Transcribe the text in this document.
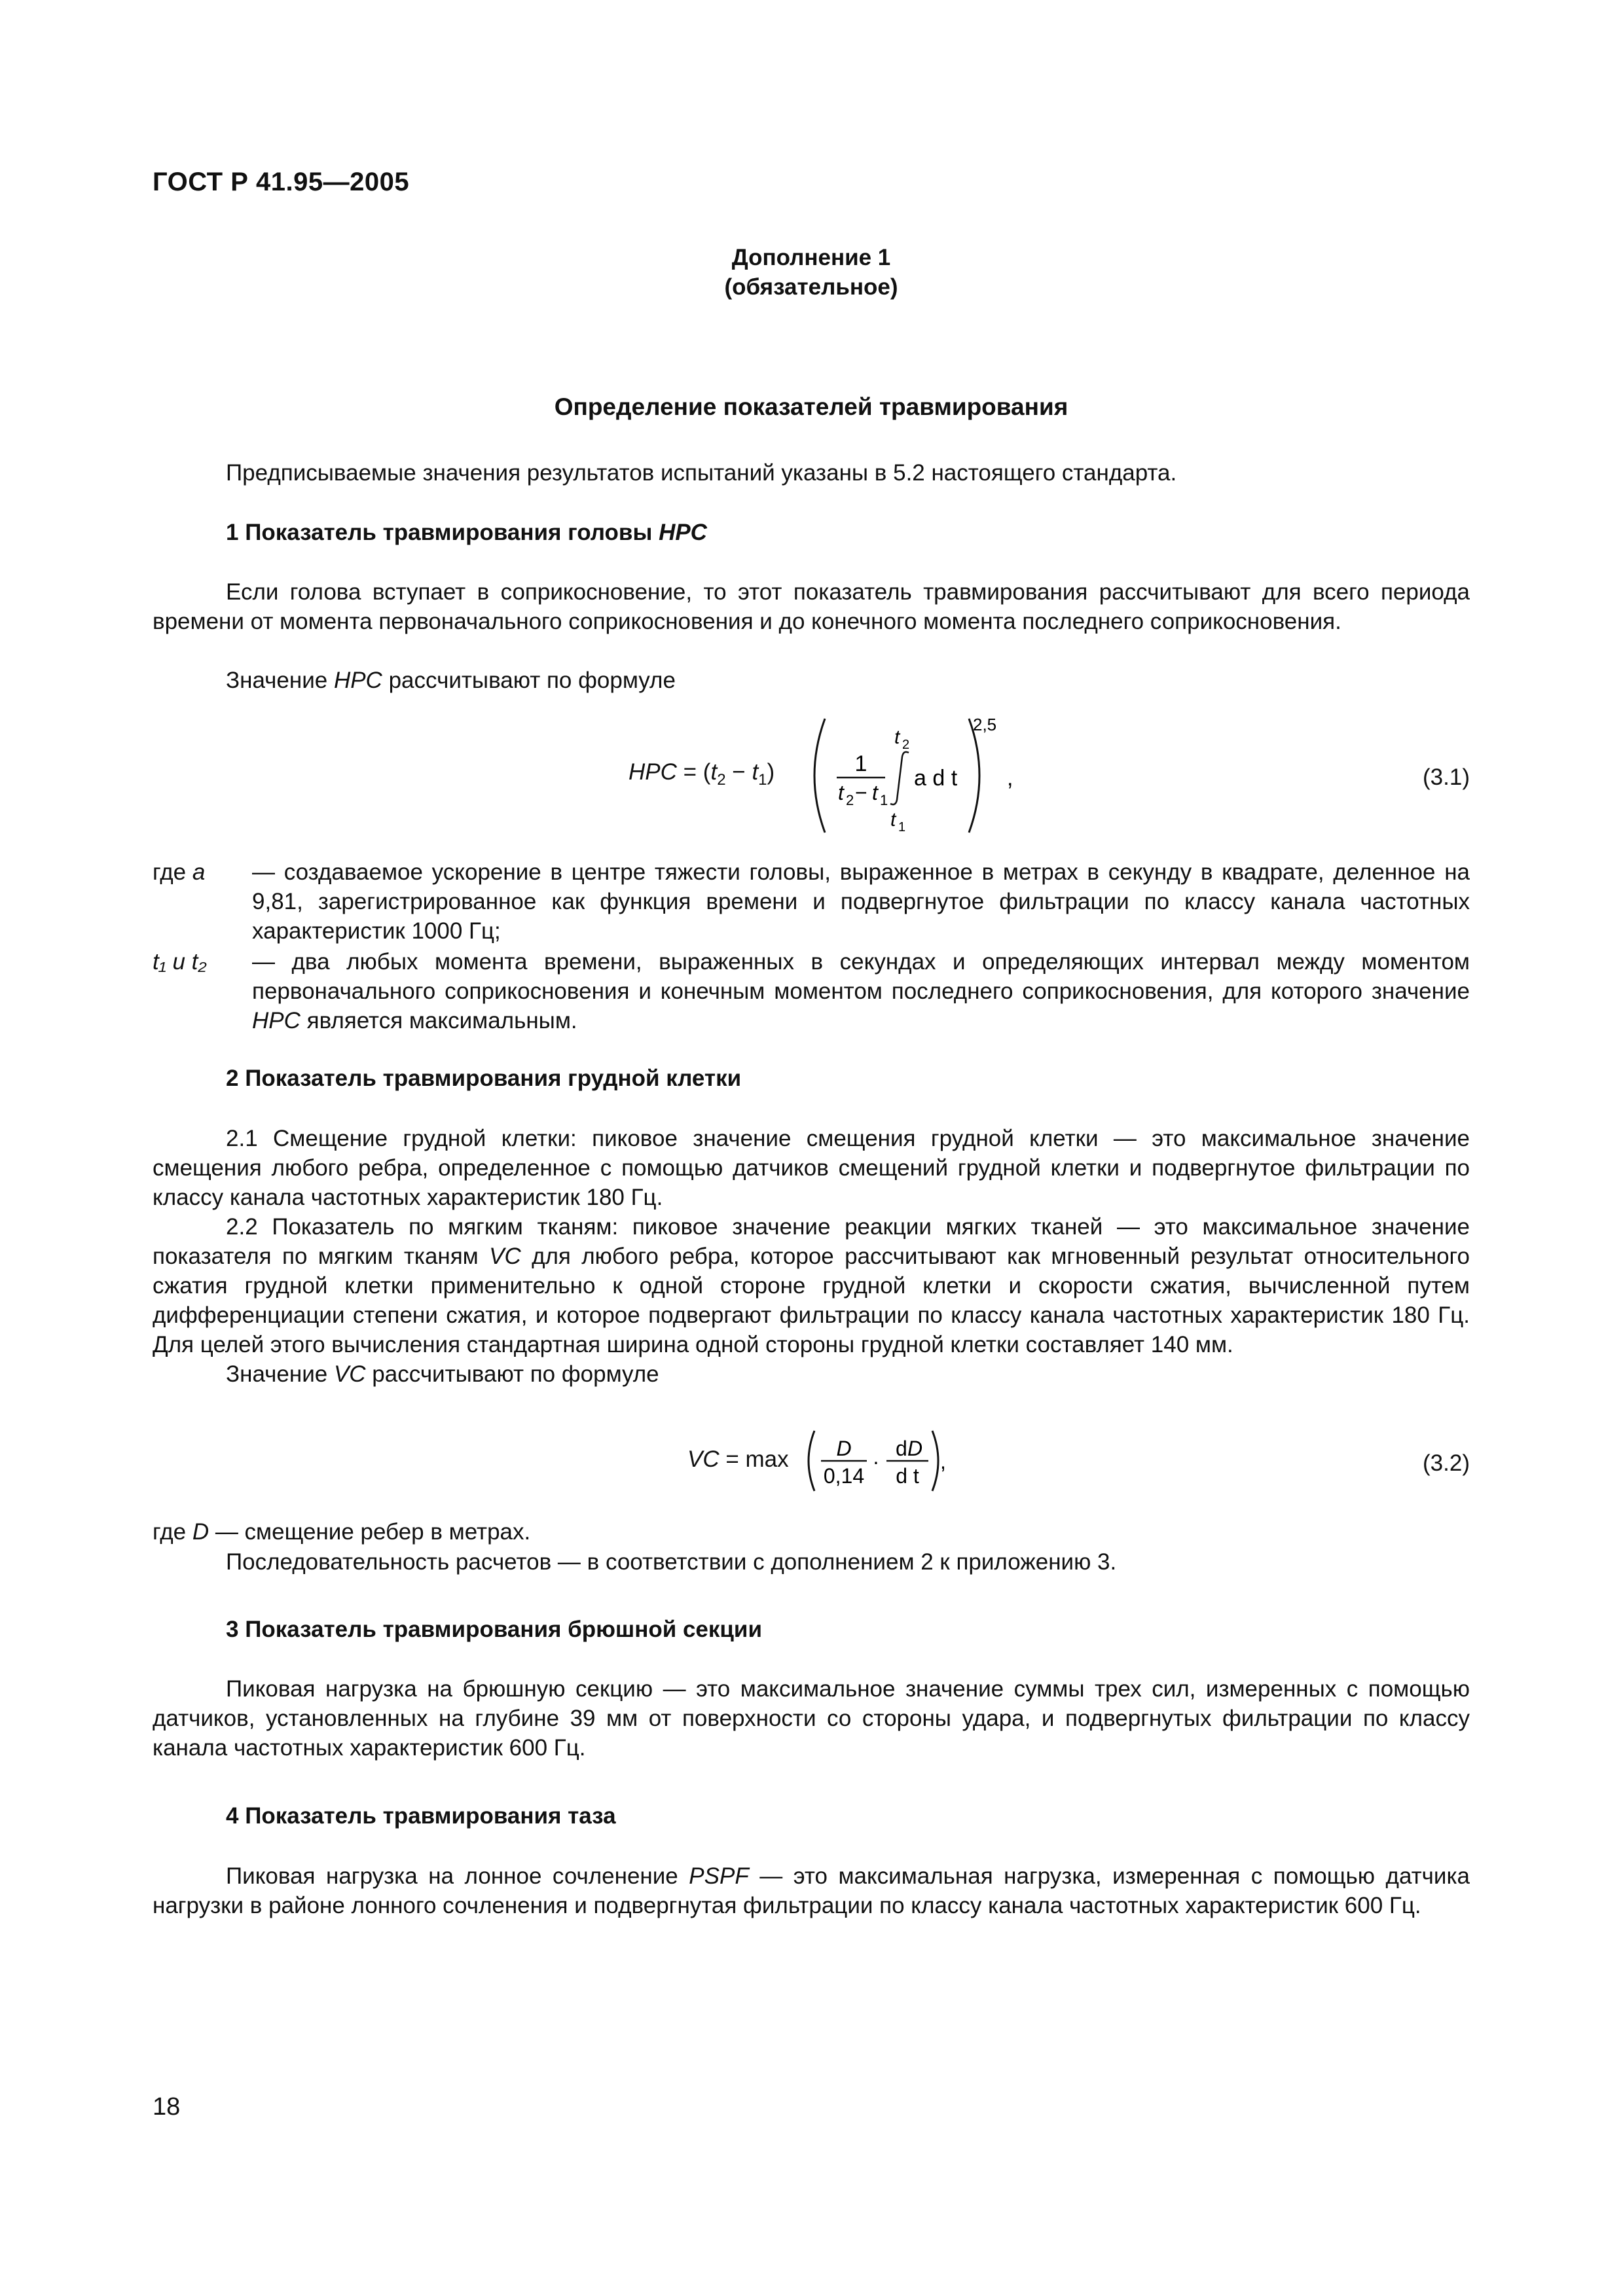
ГОСТ Р 41.95—2005
Дополнение 1
(обязательное)
Определение показателей травмирования
Предписываемые значения результатов испытаний указаны в 5.2 настоящего стандарта.
1 Показатель травмирования головы HPC
Если голова вступает в соприкосновение, то этот показатель травмирования рассчитывают для всего периода времени от момента первоначального соприкосновения и до конечного момента последнего соприкосновения.
Значение HPC рассчитывают по формуле
HPC = $(t_2 - t_1)$	1
t 2 − t 1
t 2
t 1
a d t
2,5
,	(3.1)
где a	— создаваемое ускорение в центре тяжести головы, выраженное в метрах в секунду в квадрате, деленное на 9,81, зарегистрированное как функция времени и подвергнутое фильтрации по классу канала частотных характеристик 1000 Гц;
t₁ и t₂	— два любых момента времени, выраженных в секундах и определяющих интервал между моментом первоначального соприкосновения и конечным моментом последнего соприкосновения, для которого значение HPC является максимальным.
2 Показатель травмирования грудной клетки
2.1 Смещение грудной клетки: пиковое значение смещения грудной клетки — это максимальное значение смещения любого ребра, определенное с помощью датчиков смещений грудной клетки и подвергнутое фильтрации по классу канала частотных характеристик 180 Гц.
2.2 Показатель по мягким тканям: пиковое значение реакции мягких тканей — это максимальное значение показателя по мягким тканям VC для любого ребра, которое рассчитывают как мгновенный результат относительного сжатия грудной клетки применительно к одной стороне грудной клетки и скорости сжатия, вычисленной путем дифференциации степени сжатия, и которое подвергают фильтрации по классу канала частотных характеристик 180 Гц. Для целей этого вычисления стандартная ширина одной стороны грудной клетки составляет 140 мм.
Значение VC рассчитывают по формуле
VC = max D
0,14
·
d D
d t
,	(3.2)
где D — смещение ребер в метрах.
Последовательность расчетов — в соответствии с дополнением 2 к приложению 3.
3 Показатель травмирования брюшной секции
Пиковая нагрузка на брюшную секцию — это максимальное значение суммы трех сил, измеренных с помощью датчиков, установленных на глубине 39 мм от поверхности со стороны удара, и подвергнутых фильтрации по классу канала частотных характеристик 600 Гц.
4 Показатель травмирования таза
Пиковая нагрузка на лонное сочленение PSPF — это максимальная нагрузка, измеренная с помощью датчика нагрузки в районе лонного сочленения и подвергнутая фильтрации по классу канала частотных характеристик 600 Гц.
18
